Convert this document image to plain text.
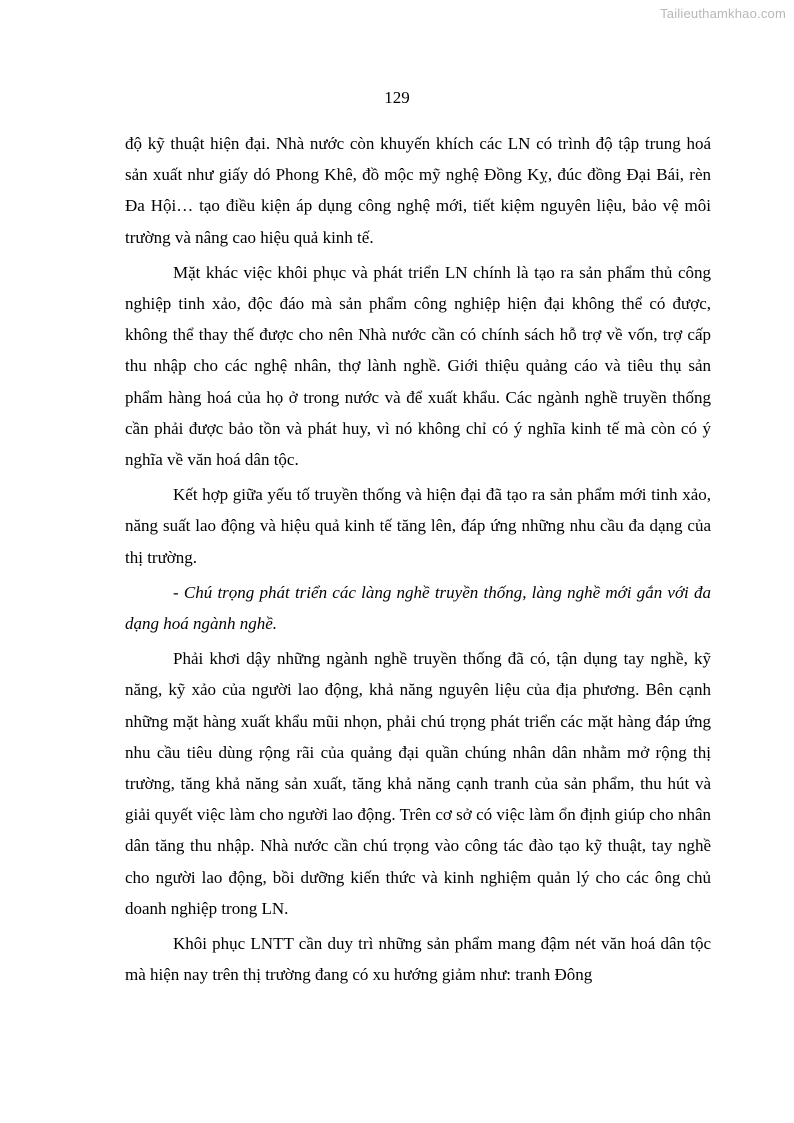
Tailieuthamkhao.com
129

độ kỹ thuật hiện đại. Nhà nước còn khuyến khích các LN có trình độ tập trung hoá sản xuất như giấy dó Phong Khê, đồ mộc mỹ nghệ Đồng Kỵ, đúc đồng Đại Bái, rèn Đa Hội… tạo điều kiện áp dụng công nghệ mới, tiết kiệm nguyên liệu, bảo vệ môi trường và nâng cao hiệu quả kinh tế.

Mặt khác việc khôi phục và phát triển LN chính là tạo ra sản phẩm thủ công nghiệp tinh xảo, độc đáo mà sản phẩm công nghiệp hiện đại không thể có được, không thể thay thế được cho nên Nhà nước cần có chính sách hỗ trợ về vốn, trợ cấp thu nhập cho các nghệ nhân, thợ lành nghề. Giới thiệu quảng cáo và tiêu thụ sản phẩm hàng hoá của họ ở trong nước và để xuất khẩu. Các ngành nghề truyền thống cần phải được bảo tồn và phát huy, vì nó không chỉ có ý nghĩa kinh tế mà còn có ý nghĩa về văn hoá dân tộc.

Kết hợp giữa yếu tố truyền thống và hiện đại đã tạo ra sản phẩm mới tinh xảo, năng suất lao động và hiệu quả kinh tế tăng lên, đáp ứng những nhu cầu đa dạng của thị trường.

- Chú trọng phát triển các làng nghề truyền thống, làng nghề mới gắn với đa dạng hoá ngành nghề.

Phải khơi dậy những ngành nghề truyền thống đã có, tận dụng tay nghề, kỹ năng, kỹ xảo của người lao động, khả năng nguyên liệu của địa phương. Bên cạnh những mặt hàng xuất khẩu mũi nhọn, phải chú trọng phát triển các mặt hàng đáp ứng nhu cầu tiêu dùng rộng rãi của quảng đại quần chúng nhân dân nhằm mở rộng thị trường, tăng khả năng sản xuất, tăng khả năng cạnh tranh của sản phẩm, thu hút và giải quyết việc làm cho người lao động. Trên cơ sở có việc làm ổn định giúp cho nhân dân tăng thu nhập. Nhà nước cần chú trọng vào công tác đào tạo kỹ thuật, tay nghề cho người lao động, bồi dưỡng kiến thức và kinh nghiệm quản lý cho các ông chủ doanh nghiệp trong LN.

Khôi phục LNTT cần duy trì những sản phẩm mang đậm nét văn hoá dân tộc mà hiện nay trên thị trường đang có xu hướng giảm như: tranh Đông
